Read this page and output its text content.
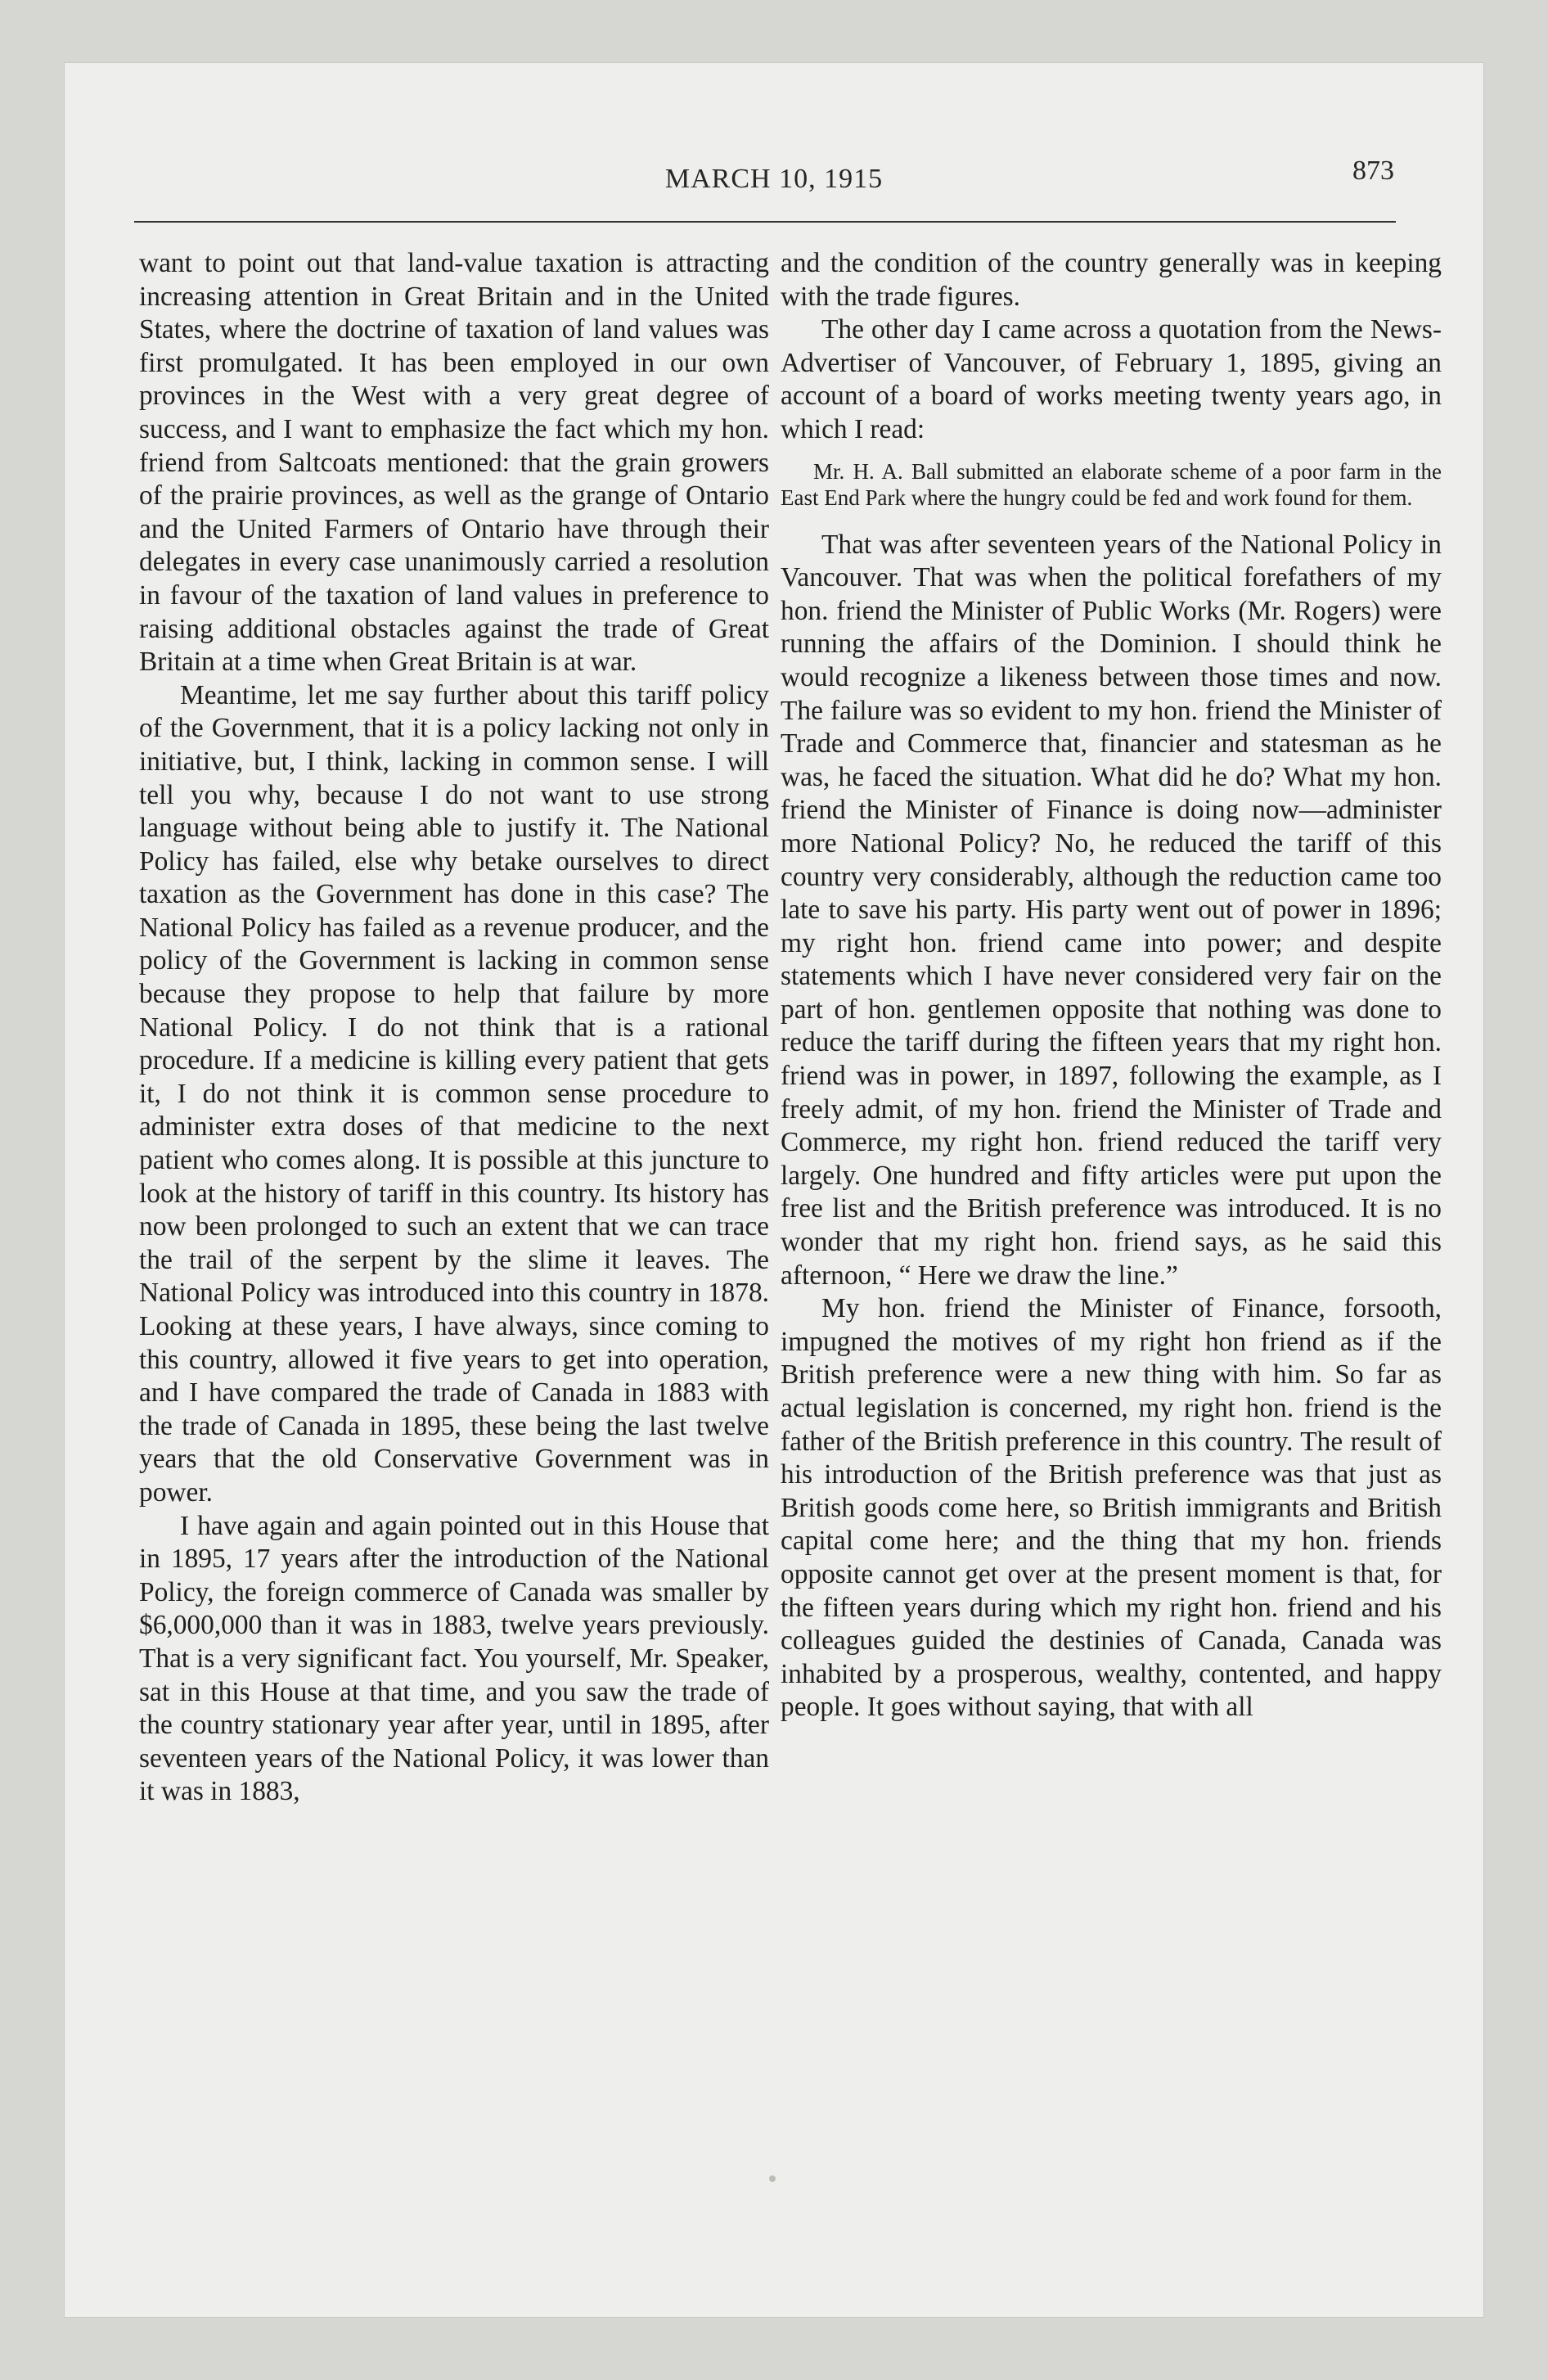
MARCH 10, 1915	873

want to point out that land-value taxation is attracting increasing attention in Great Britain and in the United States, where the doctrine of taxation of land values was first promulgated. It has been employed in our own provinces in the West with a very great degree of success, and I want to emphasize the fact which my hon. friend from Saltcoats mentioned: that the grain growers of the prairie provinces, as well as the grange of Ontario and the United Farmers of Ontario have through their delegates in every case unanimously carried a resolution in favour of the taxation of land values in preference to raising additional obstacles against the trade of Great Britain at a time when Great Britain is at war.

Meantime, let me say further about this tariff policy of the Government, that it is a policy lacking not only in initiative, but, I think, lacking in common sense. I will tell you why, because I do not want to use strong language without being able to justify it. The National Policy has failed, else why betake ourselves to direct taxation as the Government has done in this case? The National Policy has failed as a revenue producer, and the policy of the Government is lacking in common sense because they propose to help that failure by more National Policy. I do not think that is a rational procedure. If a medicine is killing every patient that gets it, I do not think it is common sense procedure to administer extra doses of that medicine to the next patient who comes along. It is possible at this juncture to look at the history of tariff in this country. Its history has now been prolonged to such an extent that we can trace the trail of the serpent by the slime it leaves. The National Policy was introduced into this country in 1878. Looking at these years, I have always, since coming to this country, allowed it five years to get into operation, and I have compared the trade of Canada in 1883 with the trade of Canada in 1895, these being the last twelve years that the old Conservative Government was in power.

I have again and again pointed out in this House that in 1895, 17 years after the introduction of the National Policy, the foreign commerce of Canada was smaller by $6,000,000 than it was in 1883, twelve years previously. That is a very significant fact. You yourself, Mr. Speaker, sat in this House at that time, and you saw the trade of the country stationary year after year, until in 1895, after seventeen years of the National Policy, it was lower than it was in 1883,

and the condition of the country generally was in keeping with the trade figures.

The other day I came across a quotation from the News-Advertiser of Vancouver, of February 1, 1895, giving an account of a board of works meeting twenty years ago, in which I read:

Mr. H. A. Ball submitted an elaborate scheme of a poor farm in the East End Park where the hungry could be fed and work found for them.

That was after seventeen years of the National Policy in Vancouver. That was when the political forefathers of my hon. friend the Minister of Public Works (Mr. Rogers) were running the affairs of the Dominion. I should think he would recognize a likeness between those times and now. The failure was so evident to my hon. friend the Minister of Trade and Commerce that, financier and statesman as he was, he faced the situation. What did he do? What my hon. friend the Minister of Finance is doing now—administer more National Policy? No, he reduced the tariff of this country very considerably, although the reduction came too late to save his party. His party went out of power in 1896; my right hon. friend came into power; and despite statements which I have never considered very fair on the part of hon. gentlemen opposite that nothing was done to reduce the tariff during the fifteen years that my right hon. friend was in power, in 1897, following the example, as I freely admit, of my hon. friend the Minister of Trade and Commerce, my right hon. friend reduced the tariff very largely. One hundred and fifty articles were put upon the free list and the British preference was introduced. It is no wonder that my right hon. friend says, as he said this afternoon, “ Here we draw the line.”

My hon. friend the Minister of Finance, forsooth, impugned the motives of my right hon friend as if the British preference were a new thing with him. So far as actual legislation is concerned, my right hon. friend is the father of the British preference in this country. The result of his introduction of the British preference was that just as British goods come here, so British immigrants and British capital come here; and the thing that my hon. friends opposite cannot get over at the present moment is that, for the fifteen years during which my right hon. friend and his colleagues guided the destinies of Canada, Canada was inhabited by a prosperous, wealthy, contented, and happy people. It goes without saying, that with all
